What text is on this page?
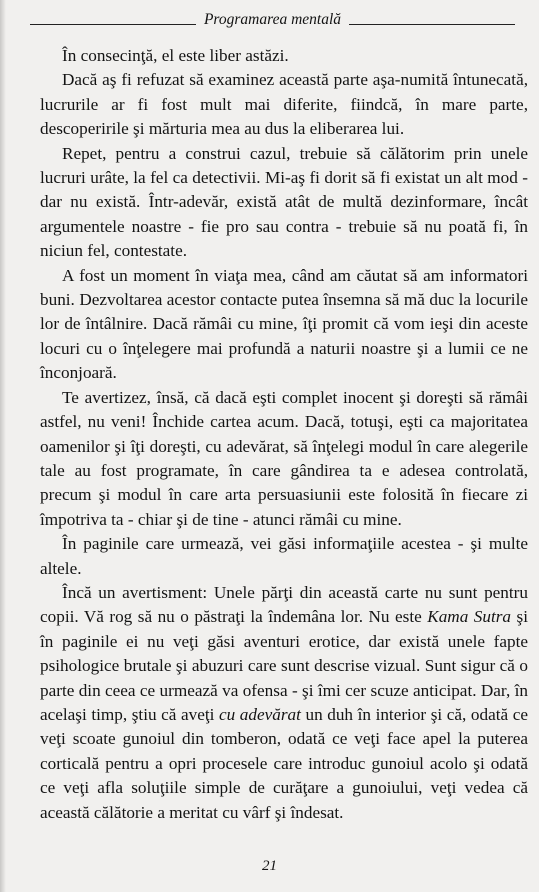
Programarea mentală

În consecinţă, el este liber astăzi.

Dacă aş fi refuzat să examinez această parte aşa-numită întunecată, lucrurile ar fi fost mult mai diferite, fiindcă, în mare parte, descoperirile şi mărturia mea au dus la eliberarea lui.

Repet, pentru a construi cazul, trebuie să călătorim prin unele lucruri urâte, la fel ca detectivii. Mi-aş fi dorit să fi existat un alt mod - dar nu există. Într-adevăr, există atât de multă dezinformare, încât argumentele noastre - fie pro sau contra - trebuie să nu poată fi, în niciun fel, contestate.

A fost un moment în viaţa mea, când am căutat să am informatori buni. Dezvoltarea acestor contacte putea însemna să mă duc la locurile lor de întâlnire. Dacă rămâi cu mine, îţi promit că vom ieşi din aceste locuri cu o înţelegere mai profundă a naturii noastre şi a lumii ce ne înconjoară.

Te avertizez, însă, că dacă eşti complet inocent şi doreşti să rămâi astfel, nu veni! Închide cartea acum. Dacă, totuşi, eşti ca majoritatea oamenilor şi îţi doreşti, cu adevărat, să înţelegi modul în care alegerile tale au fost programate, în care gândirea ta e adesea controlată, precum şi modul în care arta persuasiunii este folosită în fiecare zi împotriva ta - chiar şi de tine - atunci rămâi cu mine.

În paginile care urmează, vei găsi informaţiile acestea - şi multe altele.

Încă un avertisment: Unele părţi din această carte nu sunt pentru copii. Vă rog să nu o păstraţi la îndemâna lor. Nu este Kama Sutra şi în paginile ei nu veţi găsi aventuri erotice, dar există unele fapte psihologice brutale şi abuzuri care sunt descrise vizual. Sunt sigur că o parte din ceea ce urmează va ofensa - şi îmi cer scuze anticipat. Dar, în acelaşi timp, ştiu că aveţi cu adevărat un duh în interior şi că, odată ce veţi scoate gunoiul din tomberon, odată ce veţi face apel la puterea corticală pentru a opri procesele care introduc gunoiul acolo şi odată ce veţi afla soluţiile simple de curăţare a gunoiului, veţi vedea că această călătorie a meritat cu vârf şi îndesat.

21
